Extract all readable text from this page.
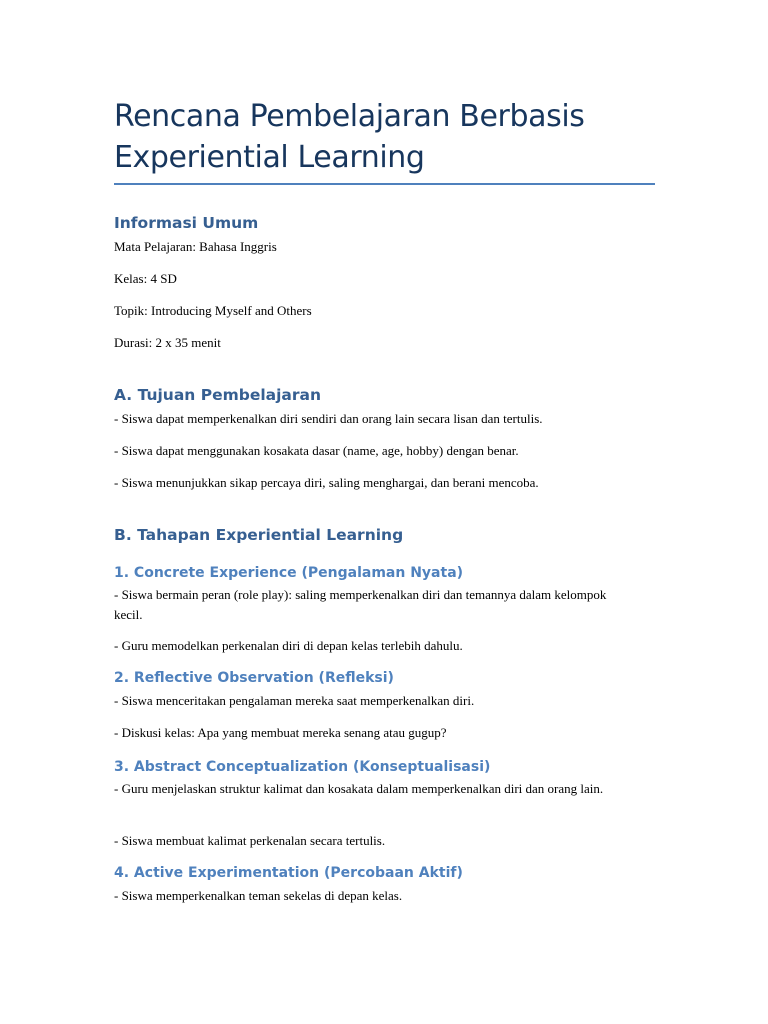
Rencana Pembelajaran Berbasis Experiential Learning
Informasi Umum

Mata Pelajaran: Bahasa Inggris

Kelas: 4 SD

Topik: Introducing Myself and Others

Durasi: 2 x 35 menit

A. Tujuan Pembelajaran

- Siswa dapat memperkenalkan diri sendiri dan orang lain secara lisan dan tertulis.

- Siswa dapat menggunakan kosakata dasar (name, age, hobby) dengan benar.

- Siswa menunjukkan sikap percaya diri, saling menghargai, dan berani mencoba.

B. Tahapan Experiential Learning
1. Concrete Experience (Pengalaman Nyata)

- Siswa bermain peran (role play): saling memperkenalkan diri dan temannya dalam kelompok kecil.

- Guru memodelkan perkenalan diri di depan kelas terlebih dahulu.

2. Reflective Observation (Refleksi)

- Siswa menceritakan pengalaman mereka saat memperkenalkan diri.

- Diskusi kelas: Apa yang membuat mereka senang atau gugup?

3. Abstract Conceptualization (Konseptualisasi)

- Guru menjelaskan struktur kalimat dan kosakata dalam memperkenalkan diri dan orang lain.

- Siswa membuat kalimat perkenalan secara tertulis.

4. Active Experimentation (Percobaan Aktif)

- Siswa memperkenalkan teman sekelas di depan kelas.
